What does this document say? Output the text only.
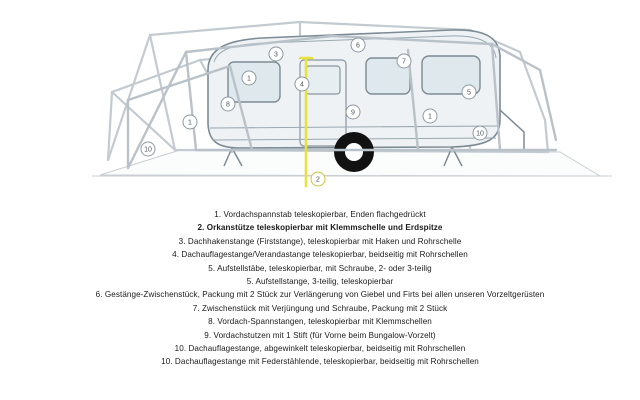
1
1
1
2
3
4
5
6
7
8
9
10
10
1. Vordachspannstab teleskopierbar, Enden flachgedrückt
2. Orkanstütze teleskopierbar mit Klemmschelle und Erdspitze
3. Dachhakenstange (Firststange), teleskopierbar mit Haken und Rohrschelle
4. Dachauflagestange/Verandastange teleskopierbar, beidseitig mit Rohrschellen
5. Aufstellstäbe, teleskopierbar, mit Schraube, 2- oder 3-teilig
5. Aufstellstange, 3-teilig, teleskopierbar
6. Gestänge-Zwischenstück, Packung mit 2 Stück zur Verlängerung von Giebel und Firts bei allen unseren Vorzeltgerüsten
7. Zwischenstück mit Verjüngung und Schraube, Packung mit 2 Stück
8. Vordach-Spannstangen, teleskopierbar mit Klemmschellen
9. Vordachstutzen mit 1 Stift (für Vorne beim Bungalow-Vorzelt)
10. Dachauflagestange, abgewinkelt teleskopierbar, beidseitig mit Rohrschellen
10. Dachauflagestange mit Federstählende, teleskopierbar, beidseitig mit Rohrschellen
